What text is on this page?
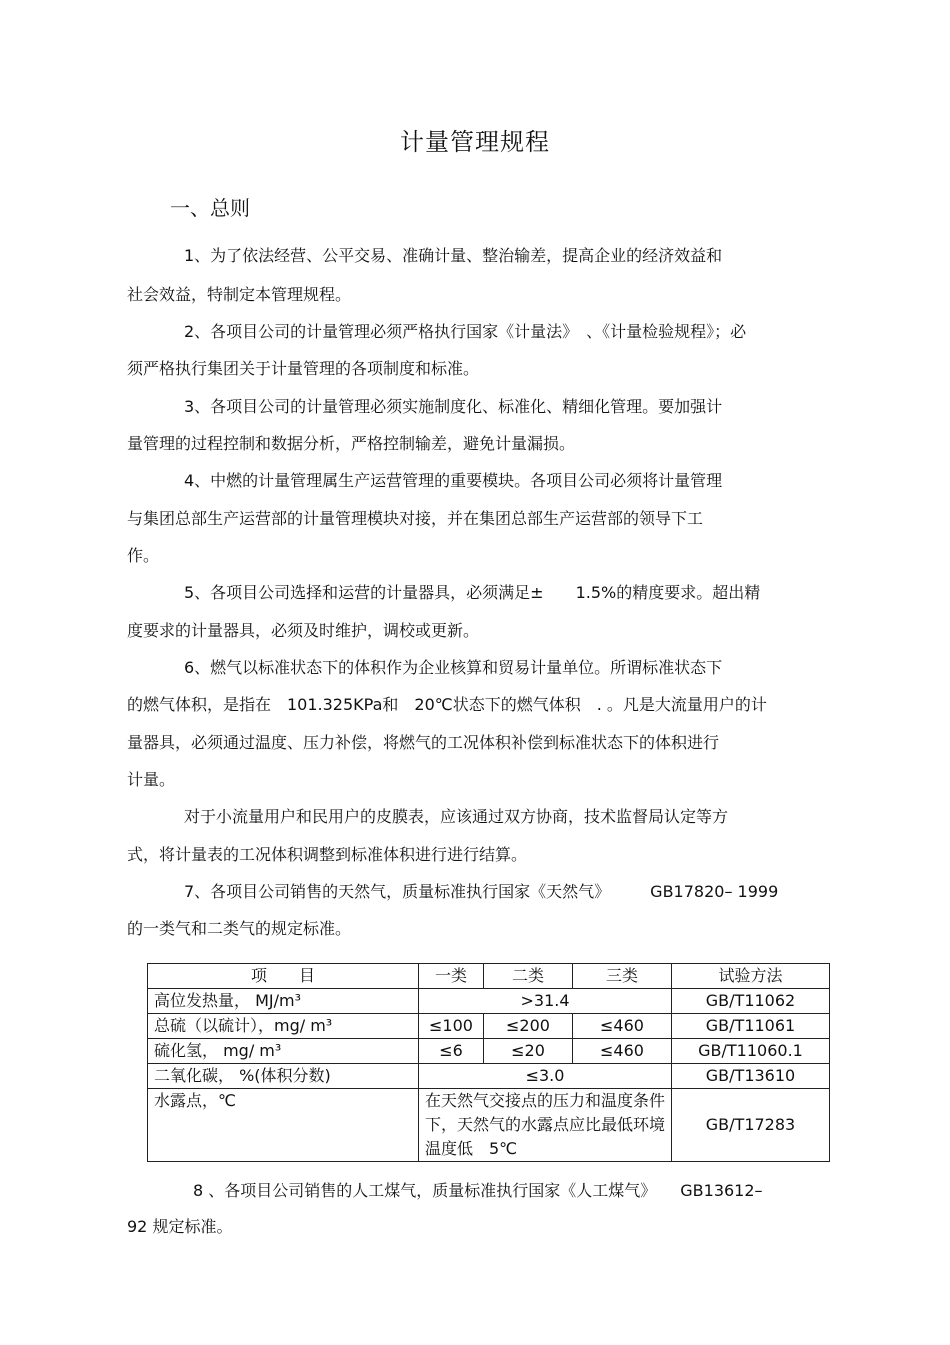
计量管理规程
一、总则
1、为了依法经营、公平交易、准确计量、整治输差，提高企业的经济效益和
社会效益，特制定本管理规程。
2、各项目公司的计量管理必须严格执行国家《计量法》　、《计量检验规程》；必
须严格执行集团关于计量管理的各项制度和标准。
3、各项目公司的计量管理必须实施制度化、标准化、精细化管理。要加强计
量管理的过程控制和数据分析，严格控制输差，避免计量漏损。
4、中燃的计量管理属生产运营管理的重要模块。各项目公司必须将计量管理
与集团总部生产运营部的计量管理模块对接，并在集团总部生产运营部的领导下工
作。
5、各项目公司选择和运营的计量器具，必须满足±　　1.5%的精度要求。超出精
度要求的计量器具，必须及时维护，调校或更新。
6、燃气以标准状态下的体积作为企业核算和贸易计量单位。所谓标准状态下
的燃气体积，是指在　101.325KPa和　20℃状态下的燃气体积　. 。凡是大流量用户的计
量器具，必须通过温度、压力补偿，将燃气的工况体积补偿到标准状态下的体积进行
计量。
对于小流量用户和民用户的皮膜表，应该通过双方协商，技术监督局认定等方
式，将计量表的工况体积调整到标准体积进行进行结算。
7、各项目公司销售的天然气，质量标准执行国家《天然气》　　　GB17820– 1999
的一类气和二类气的规定标准。
项　　目	一类	二类	三类	试验方法
高位发热量， MJ/m³	>31.4			GB/T11062
总硫（以硫计），mg/ m³	≤100	≤200	≤460	GB/T11061
硫化氢， mg/ m³	≤6	≤20	≤460	GB/T11060.1
二氧化碳， %(体积分数)	≤3.0			GB/T13610
水露点，℃	在天然气交接点的压力和温度条件下，天然气的水露点应比最低环境温度低　5℃			GB/T17283
8 、各项目公司销售的人工煤气，质量标准执行国家《人工煤气》　　GB13612–
92 规定标准。
